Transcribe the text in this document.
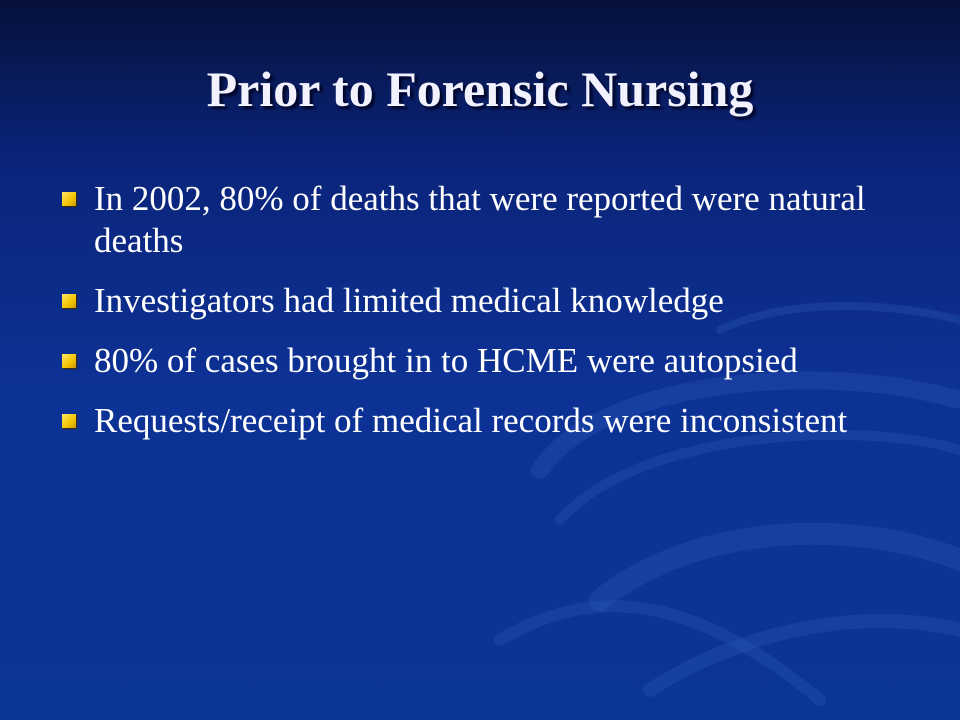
Prior to Forensic Nursing
In 2002, 80% of deaths that were reported were natural deaths
Investigators had limited medical knowledge
80% of cases brought in to HCME were autopsied
Requests/receipt of medical records were inconsistent
